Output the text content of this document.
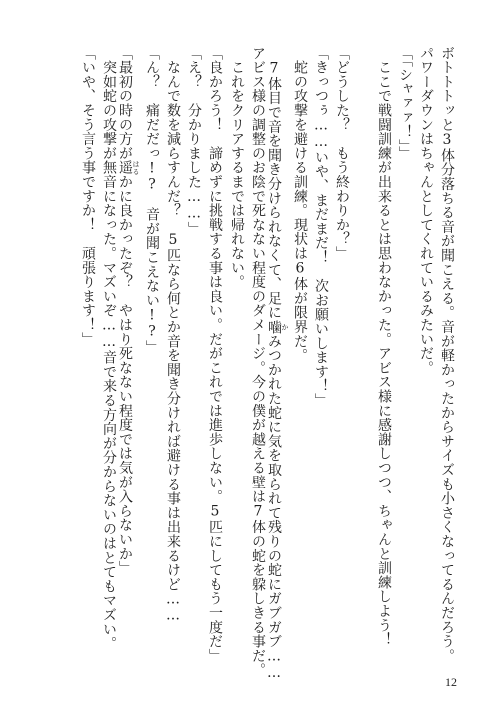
ボトトトッと3体分落ちる音が聞こえる。音が軽かったからサイズも小さくなってるんだろう。
パワーダウンはちゃんとしてくれているみたいだ。
「「シャァァ！」」
　ここで戦闘訓練が出来るとは思わなかった。アビス様に感謝しつつ、ちゃんと訓練しよう！
「どうした？　もう終わりか？」
「きっつぅ……いや、まだまだ！　次お願いします！」
　蛇の攻撃を避ける訓練。現状は6体が限界だ。
　7体目で音を聞き分けられなくて、足に噛 かみつかれた蛇に気を取られて残りの蛇にガブガブ……
アビス様の調整のお陰で死なない程度のダメージ。今の僕が越える壁は7体の蛇を躱しきる事だ。
　これをクリアするまでは帰れない。
「良かろう！　諦めずに挑戦する事は良い。だがこれでは進歩しない。5匹にしてもう一度だ」
「え？　分かりました……」
　なんで数を減らすんだ？　5匹なら何とか音を聞き分ければ避ける事は出来るけど……
「ん？　痛だだっ!?　音が聞こえない!?」
「最初の時の方が遥 はるかに良かったぞ？　やはり死なない程度では気が入らないか」
　突如蛇の攻撃が無音になった。マズいぞ……音で来る方向が分からないのはとてもマズい。
「いや、そう言う事ですか！　頑張ります！」
12
